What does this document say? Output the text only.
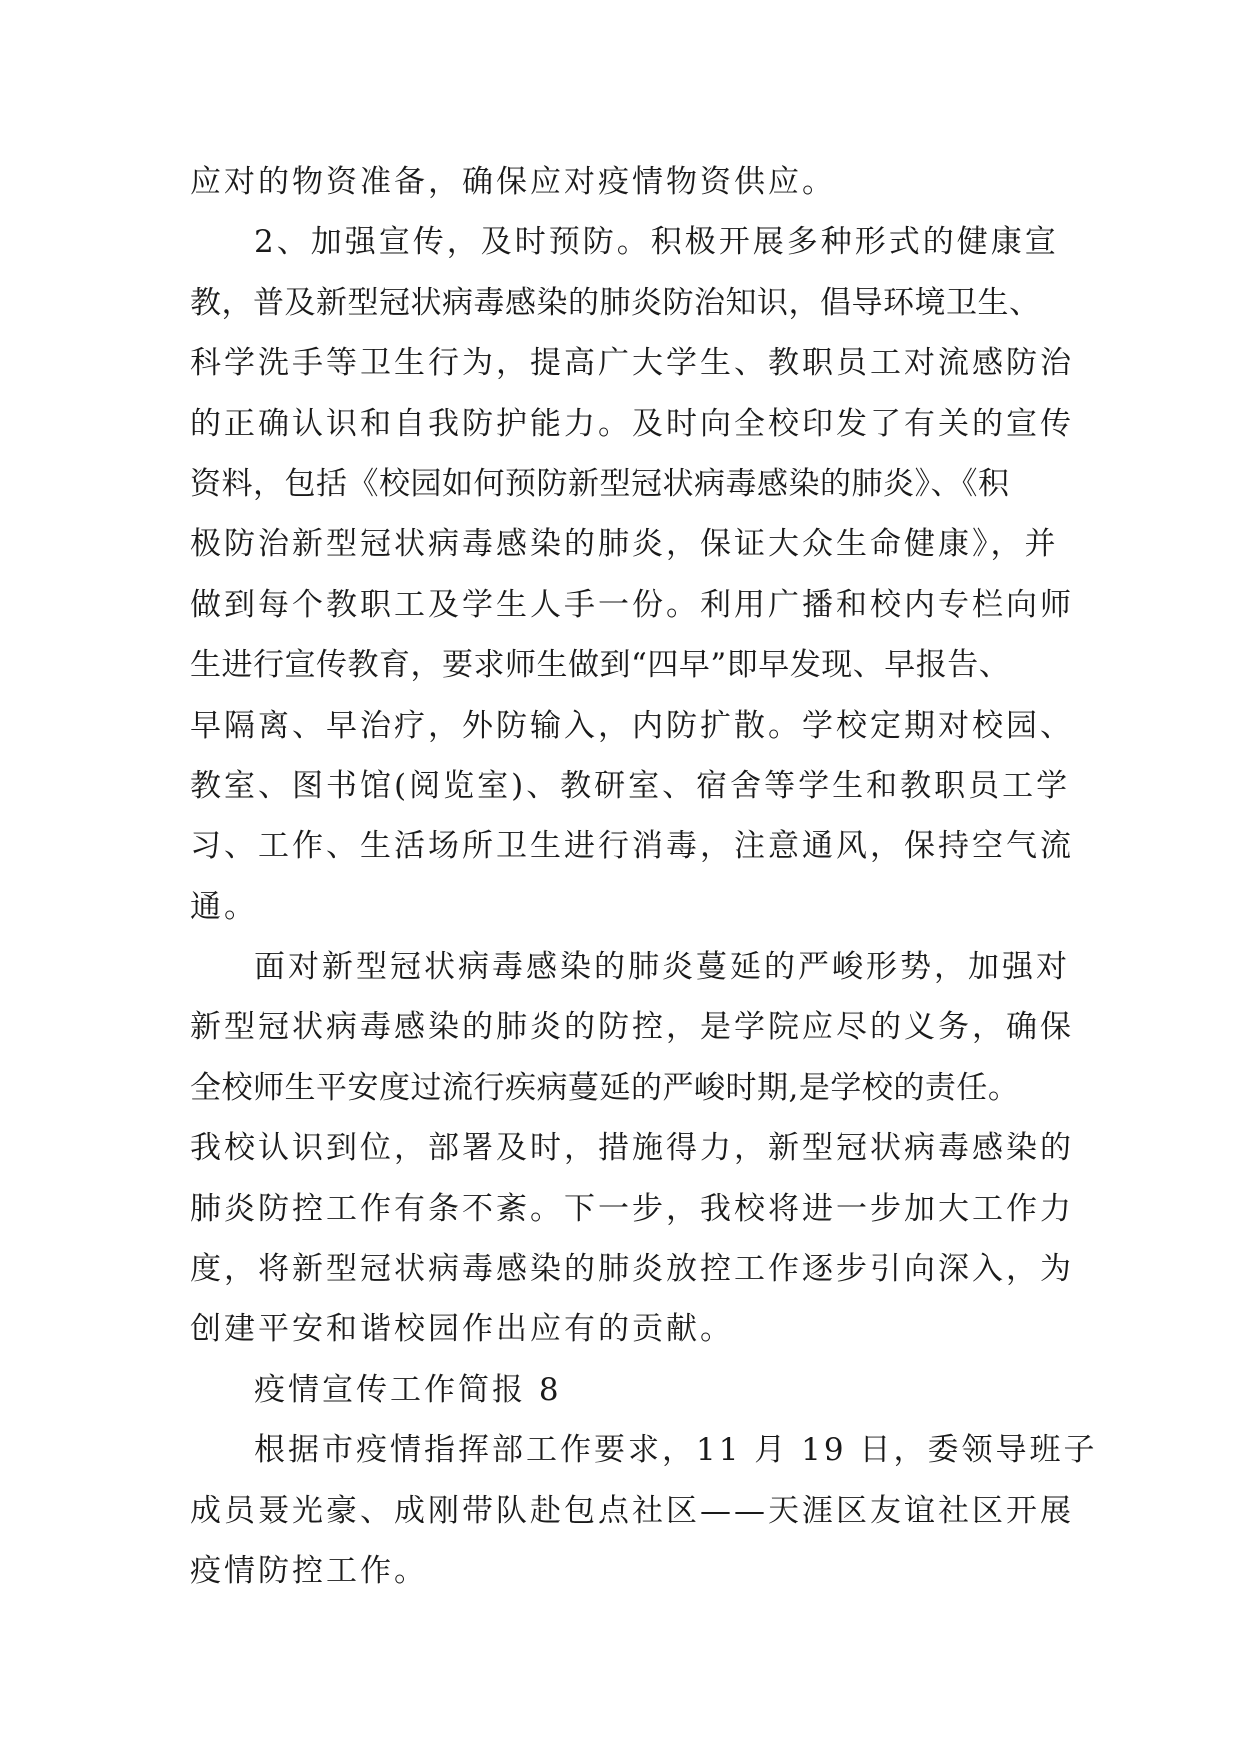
应对的物资准备，确保应对疫情物资供应。
2、加强宣传，及时预防。积极开展多种形式的健康宣
教，普及新型冠状病毒感染的肺炎防治知识，倡导环境卫生、
科学洗手等卫生行为，提高广大学生、教职员工对流感防治
的正确认识和自我防护能力。及时向全校印发了有关的宣传
资料，包括《校园如何预防新型冠状病毒感染的肺炎》、《积
极防治新型冠状病毒感染的肺炎，保证大众生命健康》，并
做到每个教职工及学生人手一份。利用广播和校内专栏向师
生进行宣传教育，要求师生做到“四早”即早发现、早报告、
早隔离、早治疗，外防输入，内防扩散。学校定期对校园、
教室、图书馆(阅览室)、教研室、宿舍等学生和教职员工学
习、工作、生活场所卫生进行消毒，注意通风，保持空气流
通。
面对新型冠状病毒感染的肺炎蔓延的严峻形势，加强对
新型冠状病毒感染的肺炎的防控，是学院应尽的义务，确保
全校师生平安度过流行疾病蔓延的严峻时期,是学校的责任。
我校认识到位，部署及时，措施得力，新型冠状病毒感染的
肺炎防控工作有条不紊。下一步，我校将进一步加大工作力
度，将新型冠状病毒感染的肺炎放控工作逐步引向深入，为
创建平安和谐校园作出应有的贡献。
疫情宣传工作简报 8
根据市疫情指挥部工作要求，11 月 19 日，委领导班子
成员聂光豪、成刚带队赴包点社区——天涯区友谊社区开展
疫情防控工作。
